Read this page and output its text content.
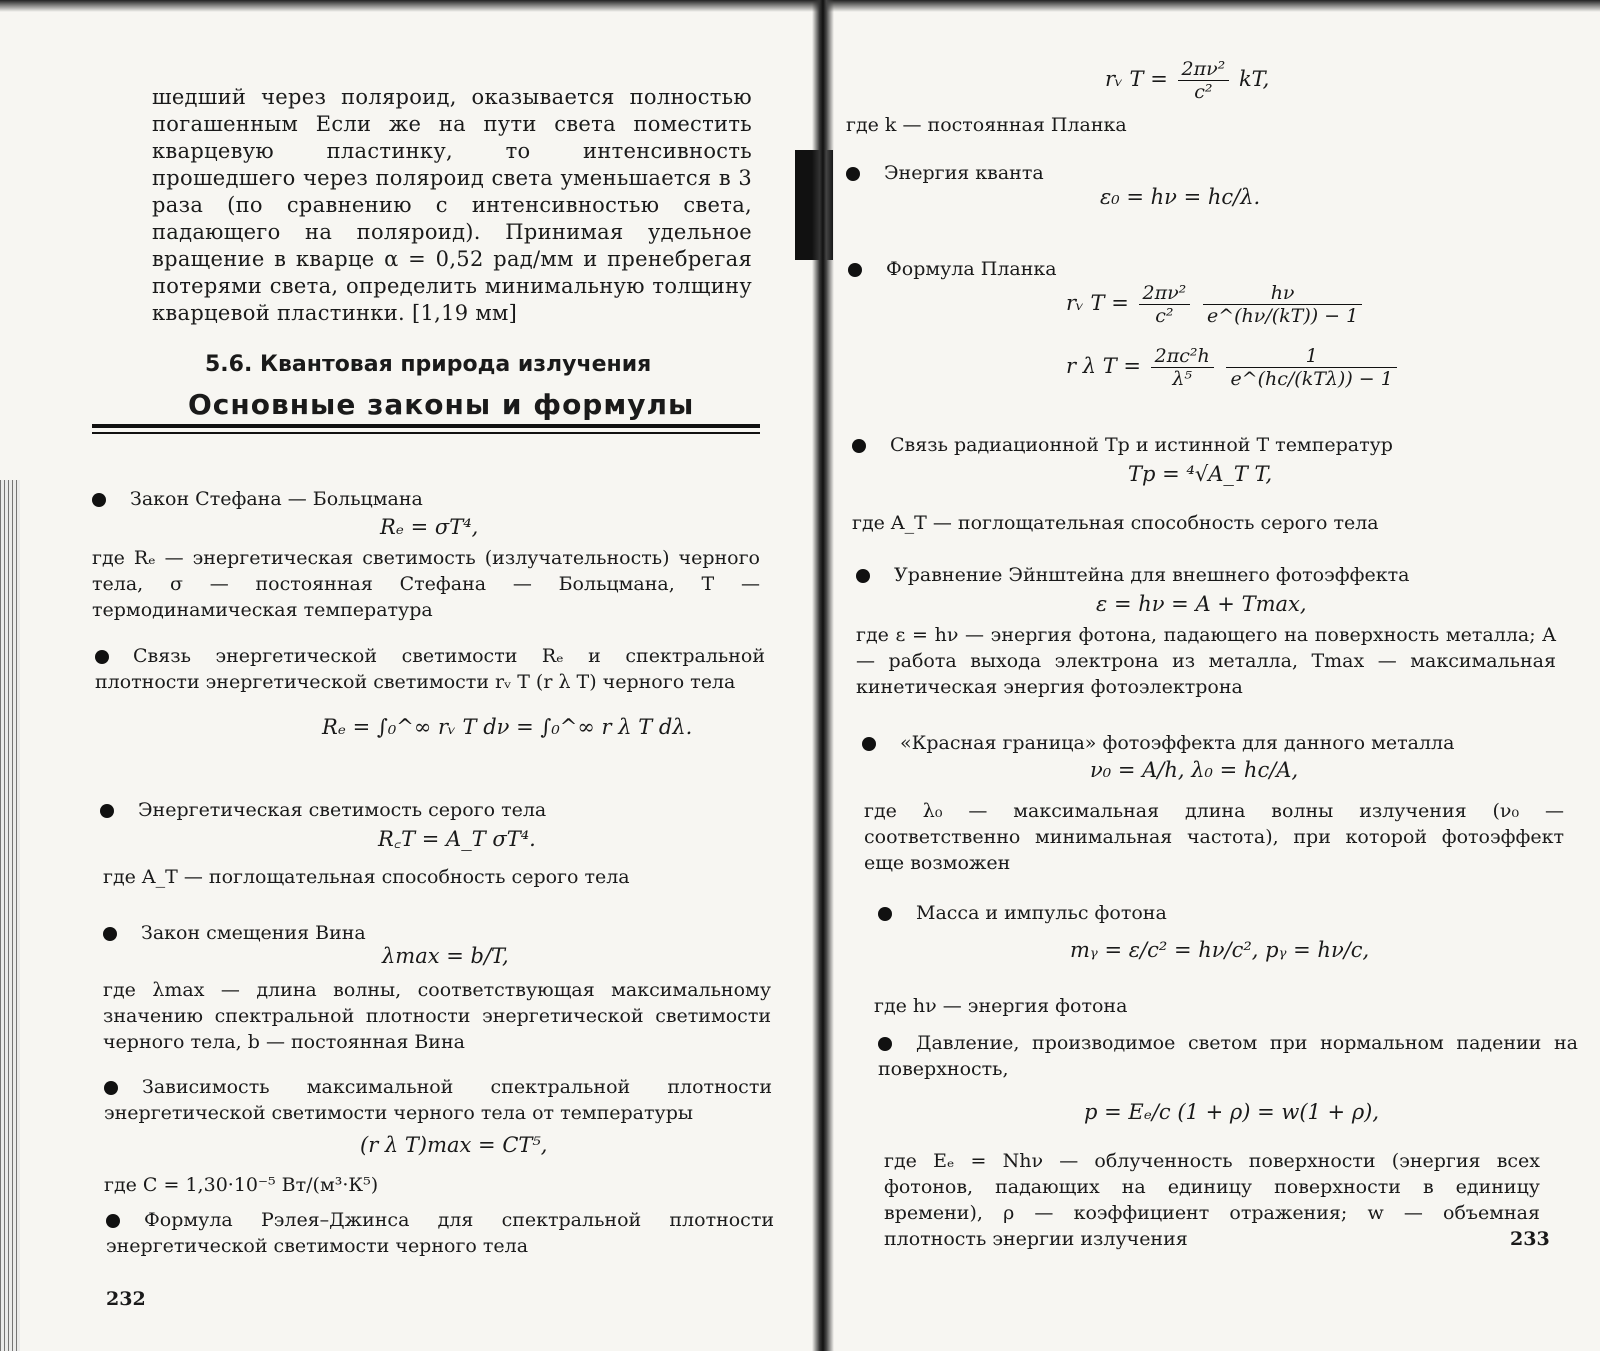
шедший через поляроид, оказывается полностью погашенным Если же на пути света поместить кварцевую пластинку, то интенсивность прошедшего через поляроид света уменьшается в 3 раза (по сравнению с интенсивностью света, падающего на поляроид). Принимая удельное вращение в кварце α = 0,52 рад/мм и пренебрегая потерями света, определить минимальную толщину кварцевой пластинки. [1,19 мм]
5.6. Квантовая природа излучения
Основные законы и формулы
Закон Стефана — Больцмана
Rₑ = σT⁴,
где Rₑ — энергетическая светимость (излучательность) черного тела, σ — постоянная Стефана — Больцмана, T — термодинамическая температура
Связь энергетической светимости Rₑ и спектральной плотности энергетической светимости rᵥ T (r λ T) черного тела
Rₑ = ∫₀^∞ rᵥ T dν = ∫₀^∞ r λ T dλ.
Энергетическая светимость серого тела
R꜀T = A_T σT⁴.
где A_T — поглощательная способность серого тела
Закон смещения Вина
λmax = b/T,
где λmax — длина волны, соответствующая максимальному значению спектральной плотности энергетической светимости черного тела, b — постоянная Вина
Зависимость максимальной спектральной плотности энергетической светимости черного тела от температуры
(r λ T)max = CT⁵,
где C = 1,30·10⁻⁵ Вт/(м³·К⁵)
Формула Рэлея–Джинса для спектральной плотности энергетической светимости черного тела
232
rᵥ $T = \frac{\text{2πν²}}{\text{c²}}$ kT,
где k — постоянная Планка
Энергия кванта
ε₀ = hν = hc/λ.
Формула Планка
rᵥ $T = \frac{\text{2πν²}}{\text{c²}}$
$\frac{h\nu}{e\^{}(h\nu/(kT)) - 1}$
r λ $T = \frac{\text{2πc²h}}{\text{λ⁵}}$
$\frac{1}{\text{e\textasciicircum{}(hc/(kTλ)) − 1}}$
Связь радиационной Tр и истинной T температур
Tр = ⁴√A_T T,
где A_T — поглощательная способность серого тела
Уравнение Эйнштейна для внешнего фотоэффекта
ε = hν = A + Tmax,
где ε = hν — энергия фотона, падающего на поверхность металла; A — работа выхода электрона из металла, Tmax — максимальная кинетическая энергия фотоэлектрона
«Красная граница» фотоэффекта для данного металла
ν₀ = A/h, λ₀ = hc/A,
где λ₀ — максимальная длина волны излучения (ν₀ — соответственно минимальная частота), при которой фотоэффект еще возможен
Масса и импульс фотона
mᵧ = ε/c² = hν/c², pᵧ = hν/c,
где hν — энергия фотона
Давление, производимое светом при нормальном падении на поверхность,
p = Eₑ/c (1 + ρ) = w(1 + ρ),
где Eₑ = Nhν — облученность поверхности (энергия всех фотонов, падающих на единицу поверхности в единицу времени), ρ — коэффициент отражения; w — объемная плотность энергии излучения	233
